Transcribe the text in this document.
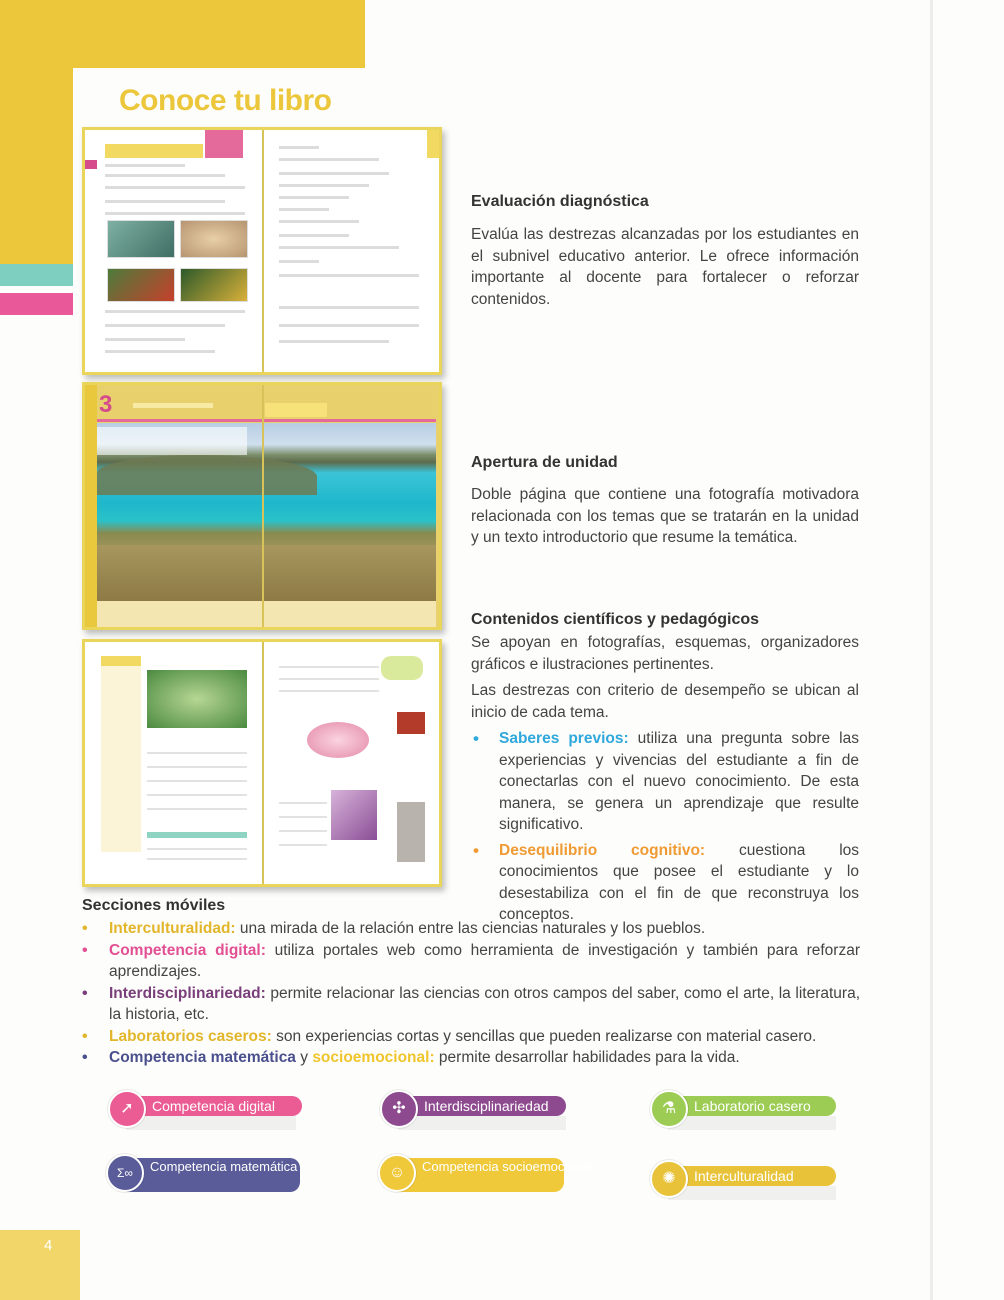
4
Conoce tu libro
3
Evaluación diagnóstica

Evalúa las destrezas alcanzadas por los estudiantes en el subnivel educativo anterior. Le ofrece información importante al docente para fortalecer o reforzar contenidos.

Apertura de unidad

Doble página que contiene una fotografía motivadora relacionada con los temas que se tratarán en la unidad y un texto introductorio que resume la temática.

Contenidos científicos y pedagógicos

Se apoyan en fotografías, esquemas, organizadores gráficos e ilustraciones pertinentes.

Las destrezas con criterio de desempeño se ubican al inicio de cada tema.

• Saberes previos: utiliza una pregunta sobre las experiencias y vivencias del estudiante a fin de conectarlas con el nuevo conocimiento. De esta manera, se genera un aprendizaje que resulte significativo.
• Desequilibrio cognitivo: cuestiona los conocimientos que posee el estudiante y lo desestabiliza con el fin de que reconstruya los conceptos.
Secciones móviles
• Interculturalidad: una mirada de la relación entre las ciencias naturales y los pueblos.
• Competencia digital: utiliza portales web como herramienta de investigación y también para reforzar aprendizajes.
• Interdisciplinariedad: permite relacionar las ciencias con otros campos del saber, como el arte, la literatura, la historia, etc.
• Laboratorios caseros: son experiencias cortas y sencillas que pueden realizarse con material casero.
• Competencia matemática y socioemocional: permite desarrollar habilidades para la vida.
Competencia digital
➚	Interdisciplinariedad
✣	Laboratorio casero
⚗
Competencia matemática
Σ∞	Competencia socioemocional
☺	Interculturalidad
✺
